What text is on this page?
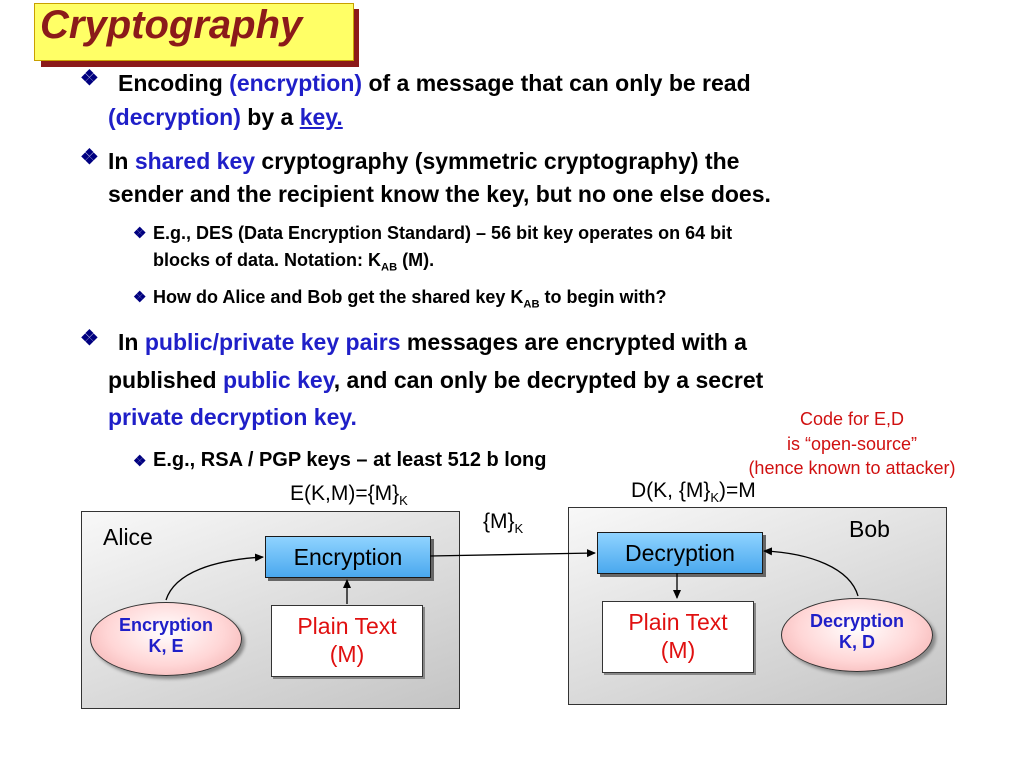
Cryptography
❖ Encoding (encryption) of a message that can only be read
(decryption) by a key.
❖ In shared key cryptography (symmetric cryptography) the
sender and the recipient know the key, but no one else does.
❖ E.g., DES (Data Encryption Standard) – 56 bit key operates on 64 bit
blocks of data. Notation: $K_{AB}$ (M).
❖ How do Alice and Bob get the shared key $K_{AB}$ to begin with?
❖ In public/private key pairs messages are encrypted with a
published public key, and can only be decrypted by a secret
private decryption key.
❖ E.g., RSA / PGP keys – at least 512 b long
Code for E,D
is “open-source”
(hence known to attacker)
$E(K,M)=\{M\}_K$	D(K, $\{M\}_K)=M$
$\{M\}_K$
Alice
Encryption
Plain Text
(M)
Encryption
K, E
Bob
Decryption
Plain Text
(M)
Decryption
K, D
